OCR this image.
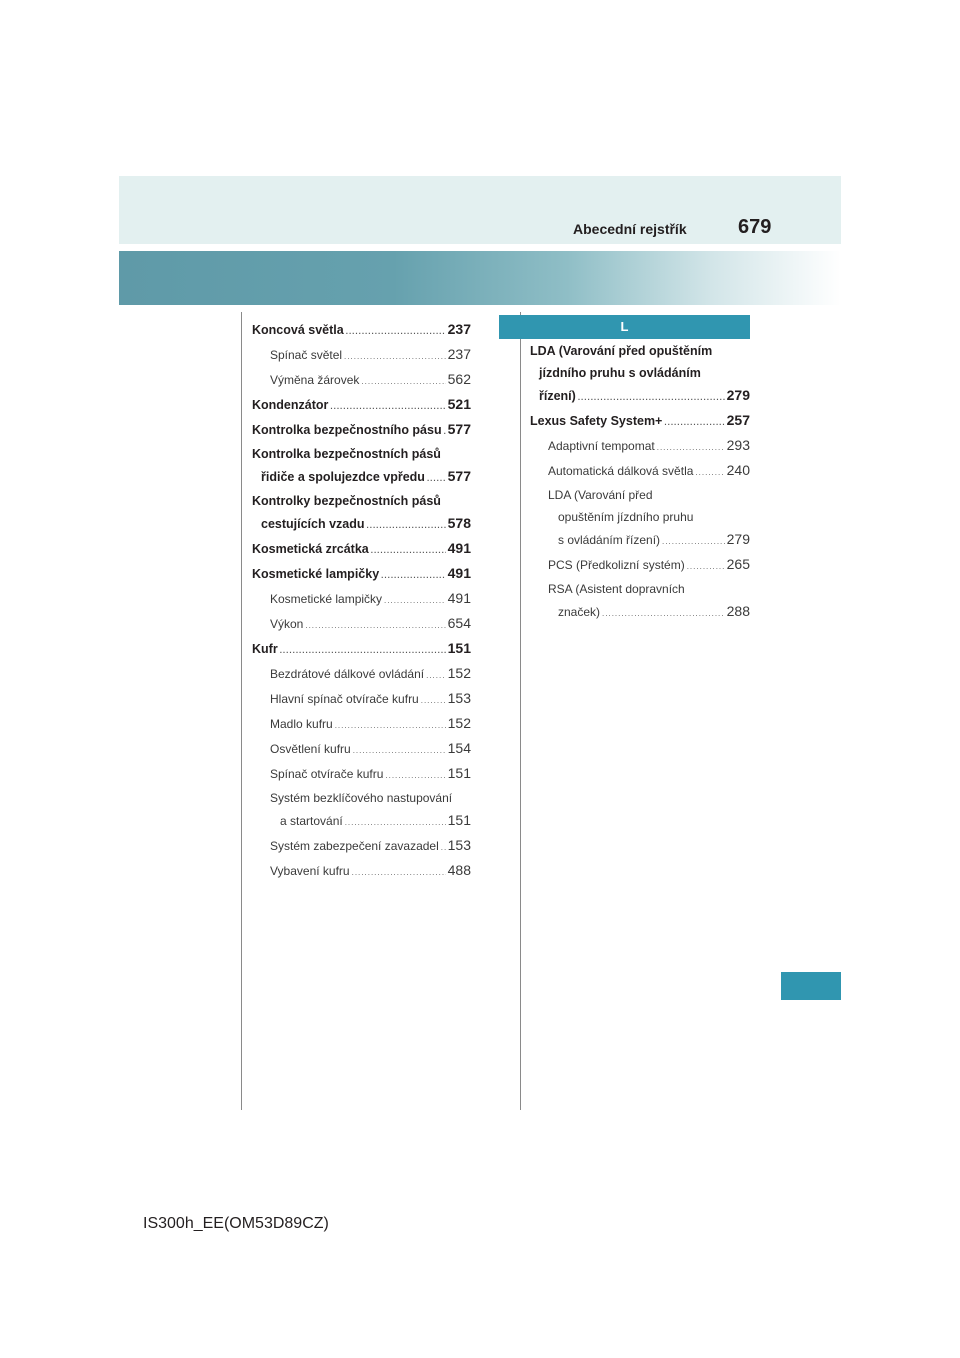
Abecední rejstřík	679
L
Koncová světla .....	237
Spínač světel .....	237
Výměna žárovek .....	562
Kondenzátor .....	521
Kontrolka bezpečnostního pásu ..... 577
Kontrolka bezpečnostních pásů
řidiče a spolujezdce vpředu ..... 577
Kontrolky bezpečnostních pásů
cestujících vzadu .....	578
Kosmetická zrcátka .....	491
Kosmetické lampičky .....	491
Kosmetické lampičky .....	491
Výkon .....	654
Kufr .....	151
Bezdrátové dálkové ovládání ..... 152
Hlavní spínač otvírače kufru ..... 153
Madlo kufru .....	152
Osvětlení kufru .....	154
Spínač otvírače kufru .....	151
Systém bezklíčového nastupování
a startování .....	151
Systém zabezpečení zavazadel ..... 153
Vybavení kufru .....	488
LDA (Varování před opuštěním
jízdního pruhu s ovládáním
řízení) .....	279
Lexus Safety System+ .....	257
Adaptivní tempomat .....	293
Automatická dálková světla ..... 240
LDA (Varování před
opuštěním jízdního pruhu
s ovládáním řízení) .....	279
PCS (Předkolizní systém) .....	265
RSA (Asistent dopravních
značek) .....	288
IS300h_EE(OM53D89CZ)
